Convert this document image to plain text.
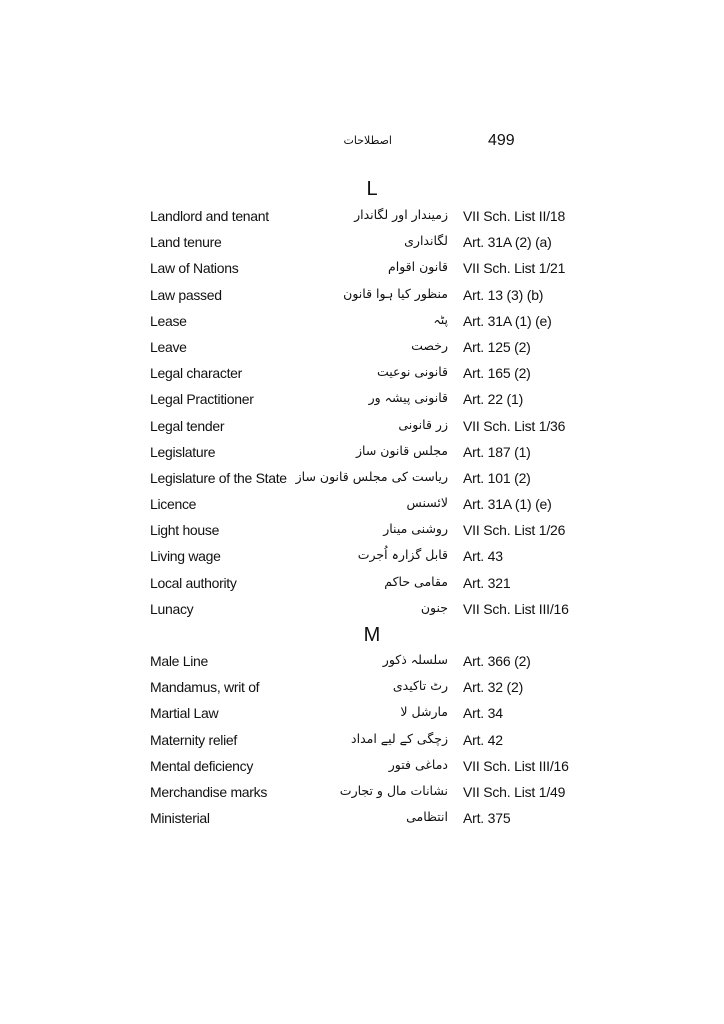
اصطلاحات	499
L
Landlord and tenant	زمیندار اور لگاندار VII Sch. List II/18
Land tenure	لگانداری Art. 31A (2) (a)
Law of Nations	قانون اقوام VII Sch. List 1/21
Law passed	منظور کیا ہوا قانون Art. 13 (3) (b)
Lease	پٹہ Art. 31A (1) (e)
Leave	رخصت Art. 125 (2)
Legal character	قانونی نوعیت Art. 165 (2)
Legal Practitioner	قانونی پیشہ ور Art. 22 (1)
Legal tender	زر قانونی VII Sch. List 1/36
Legislature	مجلس قانون ساز Art. 187 (1)
Legislature of the State ریاست کی مجلس قانون ساز Art. 101 (2)
Licence	لائسنس Art. 31A (1) (e)
Light house	روشنی مینار VII Sch. List 1/26
Living wage	قابل گزارہ اُجرت Art. 43
Local authority	مقامی حاکم Art. 321
Lunacy	جنون VII Sch. List III/16
M
Male Line	سلسلہ ذکور Art. 366 (2)
Mandamus, writ of	رٹ تاکیدی Art. 32 (2)
Martial Law	مارشل لا Art. 34
Maternity relief	زچگی کے لیے امداد Art. 42
Mental deficiency	دماغی فتور VII Sch. List III/16
Merchandise marks	نشانات مال و تجارت VII Sch. List 1/49
Ministerial	انتظامی Art. 375
